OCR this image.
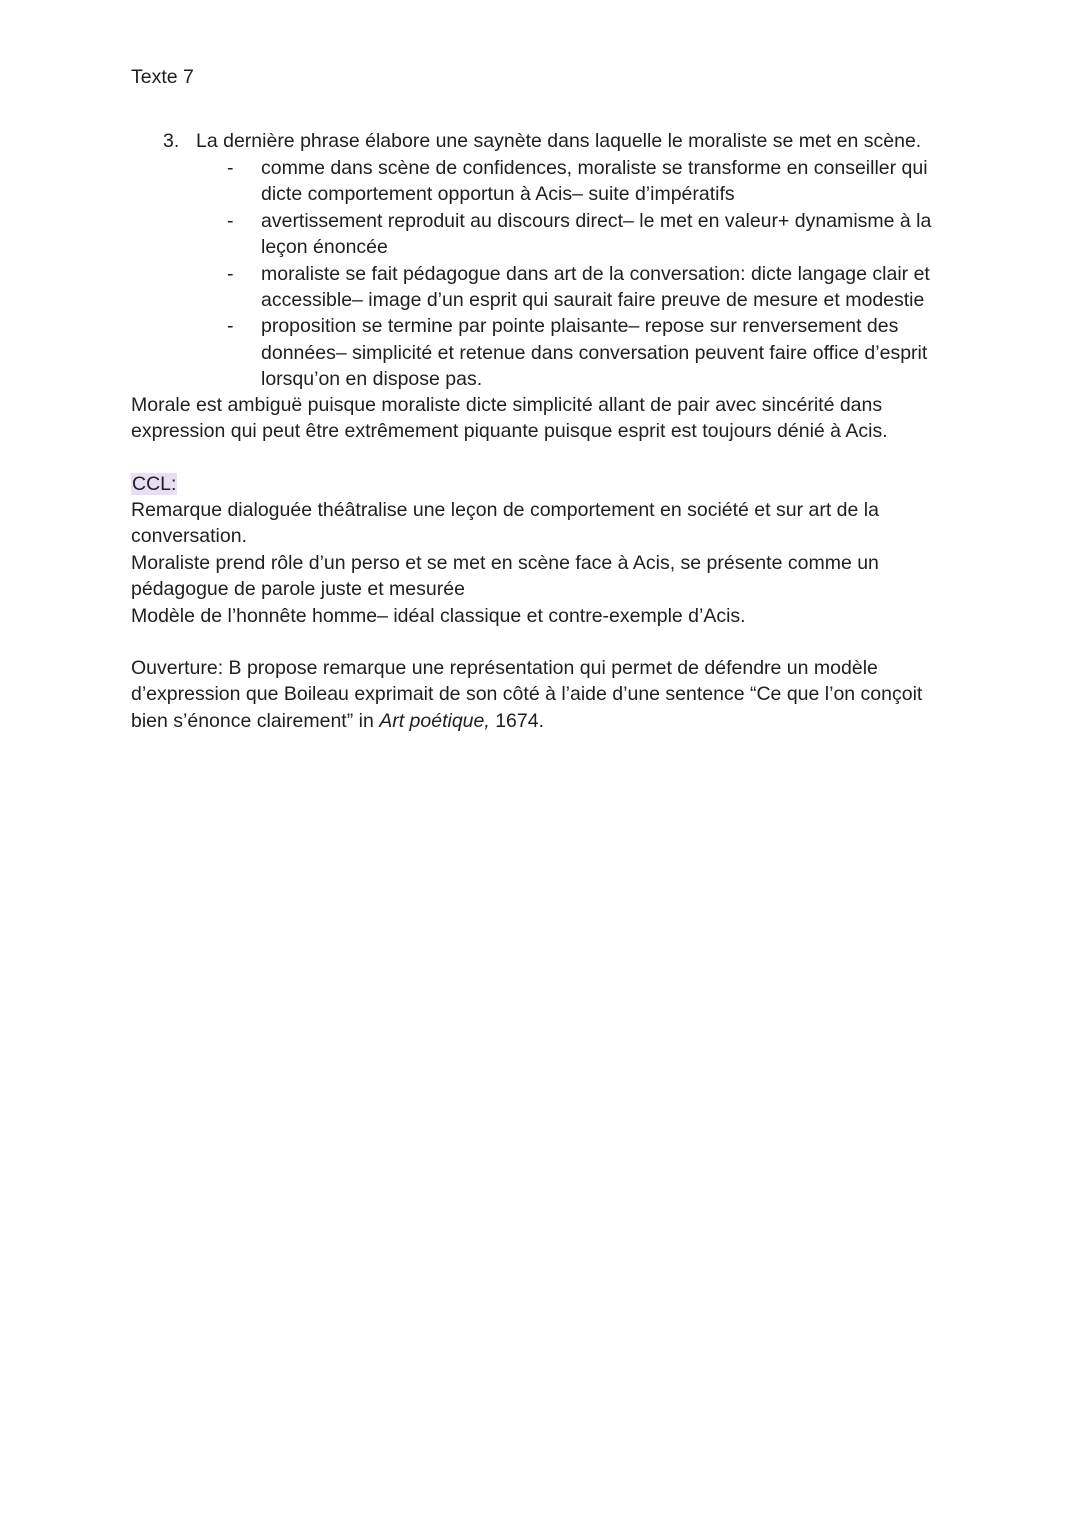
Texte 7
3. La dernière phrase élabore une saynète dans laquelle le moraliste se met en scène.
- comme dans scène de confidences, moraliste se transforme en conseiller qui dicte comportement opportun à Acis– suite d’impératifs
- avertissement reproduit au discours direct– le met en valeur+ dynamisme à la leçon énoncée
- moraliste se fait pédagogue dans art de la conversation: dicte langage clair et accessible– image d’un esprit qui saurait faire preuve de mesure et modestie
- proposition se termine par pointe plaisante– repose sur renversement des données– simplicité et retenue dans conversation peuvent faire office d’esprit lorsqu’on en dispose pas.

Morale est ambiguë puisque moraliste dicte simplicité allant de pair avec sincérité dans expression qui peut être extrêmement piquante puisque esprit est toujours dénié à Acis.

CCL:

Remarque dialoguée théâtralise une leçon de comportement en société et sur art de la conversation.

Moraliste prend rôle d’un perso et se met en scène face à Acis, se présente comme un pédagogue de parole juste et mesurée

Modèle de l’honnête homme– idéal classique et contre-exemple d’Acis.

Ouverture: B propose remarque une représentation qui permet de défendre un modèle d’expression que Boileau exprimait de son côté à l’aide d’une sentence “Ce que l’on conçoit bien s’énonce clairement” in Art poétique, 1674.
